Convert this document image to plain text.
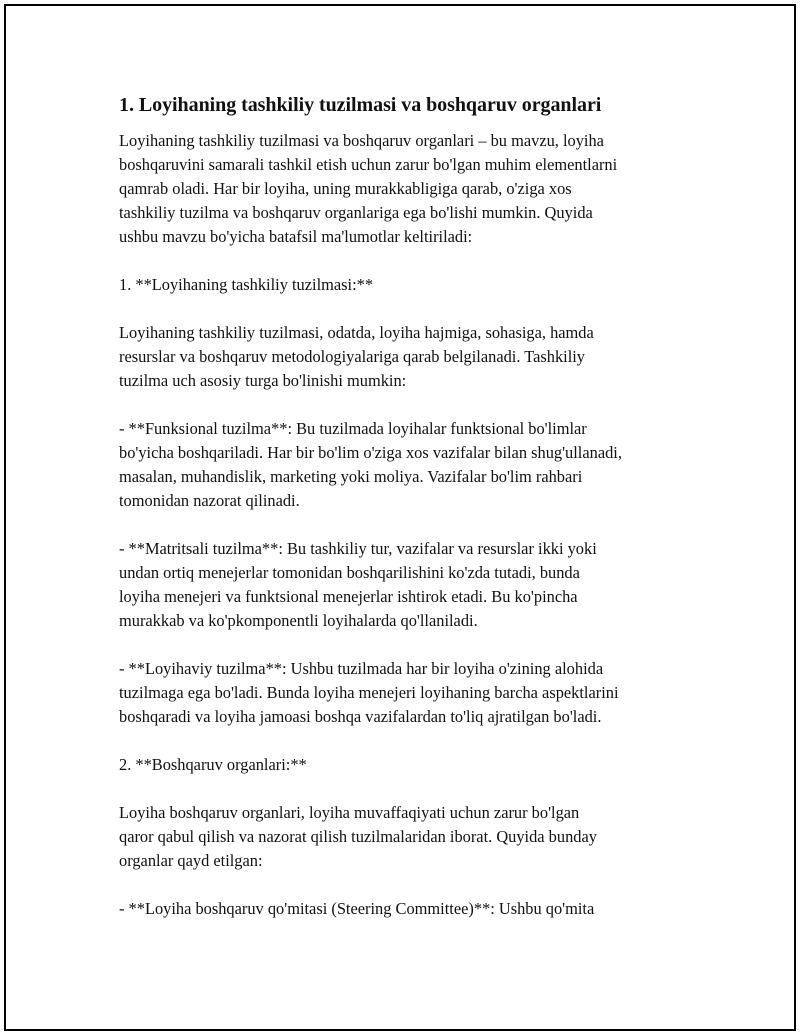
1. Loyihaning tashkiliy tuzilmasi va boshqaruv organlari
Loyihaning tashkiliy tuzilmasi va boshqaruv organlari – bu mavzu, loyiha
boshqaruvini samarali tashkil etish uchun zarur bo'lgan muhim elementlarni
qamrab oladi. Har bir loyiha, uning murakkabligiga qarab, o'ziga xos
tashkiliy tuzilma va boshqaruv organlariga ega bo'lishi mumkin. Quyida
ushbu mavzu bo'yicha batafsil ma'lumotlar keltiriladi:
1. **Loyihaning tashkiliy tuzilmasi:**
Loyihaning tashkiliy tuzilmasi, odatda, loyiha hajmiga, sohasiga, hamda
resurslar va boshqaruv metodologiyalariga qarab belgilanadi. Tashkiliy
tuzilma uch asosiy turga bo'linishi mumkin:
- **Funksional tuzilma**: Bu tuzilmada loyihalar funktsional bo'limlar
bo'yicha boshqariladi. Har bir bo'lim o'ziga xos vazifalar bilan shug'ullanadi,
masalan, muhandislik, marketing yoki moliya. Vazifalar bo'lim rahbari
tomonidan nazorat qilinadi.
- **Matritsali tuzilma**: Bu tashkiliy tur, vazifalar va resurslar ikki yoki
undan ortiq menejerlar tomonidan boshqarilishini ko'zda tutadi, bunda
loyiha menejeri va funktsional menejerlar ishtirok etadi. Bu ko'pincha
murakkab va ko'pkomponentli loyihalarda qo'llaniladi.
- **Loyihaviy tuzilma**: Ushbu tuzilmada har bir loyiha o'zining alohida
tuzilmaga ega bo'ladi. Bunda loyiha menejeri loyihaning barcha aspektlarini
boshqaradi va loyiha jamoasi boshqa vazifalardan to'liq ajratilgan bo'ladi.
2. **Boshqaruv organlari:**
Loyiha boshqaruv organlari, loyiha muvaffaqiyati uchun zarur bo'lgan
qaror qabul qilish va nazorat qilish tuzilmalaridan iborat. Quyida bunday
organlar qayd etilgan:
- **Loyiha boshqaruv qo'mitasi (Steering Committee)**: Ushbu qo'mita
